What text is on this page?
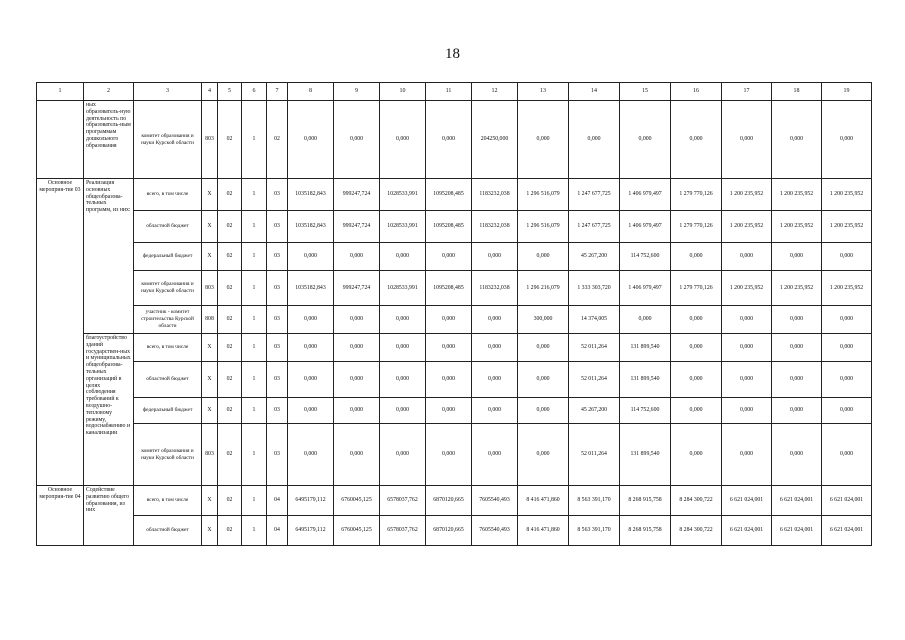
18
1	2	3	4	5	6	7	8	9	10	11	12	13	14	15	16	17	18	19
	ных образователь-ную деятельность по образователь-ным программам дошкольного образования	комитет образования и науки Курской области	803	02	1	02	0,000	0,000	0,000	0,000	204250,000	0,000	0,000	0,000	0,000	0,000	0,000	0,000
Основное мероприя-тие 03	Реализация основных общеобразова-тельных программ, из них:	всего, в том числе	X	02	1	03	1035182,843	999247,724	1028533,991	1095208,485	1183232,038	1 296 516,079	1 247 677,725	1 406 979,497	1 279 770,126	1 200 235,952	1 200 235,952	1 200 235,952
		областной бюджет	X	02	1	03	1035182,843	999247,724	1028533,991	1095208,485	1183232,038	1 296 516,079	1 247 677,725	1 406 979,497	1 279 770,126	1 200 235,952	1 200 235,952	1 200 235,952
		федеральный бюджет	X	02	1	03	0,000	0,000	0,000	0,000	0,000	0,000	45 267,200	114 752,600	0,000	0,000	0,000	0,000
		комитет образования и науки Курской области	803	02	1	03	1035182,843	999247,724	1028533,991	1095208,485	1183232,038	1 296 216,079	1 333 303,720	1 406 979,497	1 279 770,126	1 200 235,952	1 200 235,952	1 200 235,952
		участник - комитет строительства Курской области	808	02	1	03	0,000	0,000	0,000	0,000	0,000	300,000	14 374,005	0,000	0,000	0,000	0,000	0,000
	благоустройство зданий государствен-ных и муниципальных общеобразова-тельных организаций в целях соблюдения требований к воздушно-тепловому режиму, водоснабжению и канализации	всего, в том числе	X	02	1	03	0,000	0,000	0,000	0,000	0,000	0,000	52 011,264	131 899,540	0,000	0,000	0,000	0,000
		областной бюджет	X	02	1	03	0,000	0,000	0,000	0,000	0,000	0,000	52 011,264	131 899,540	0,000	0,000	0,000	0,000
		федеральный бюджет	X	02	1	03	0,000	0,000	0,000	0,000	0,000	0,000	45 267,200	114 752,600	0,000	0,000	0,000	0,000
		комитет образования и науки Курской области	803	02	1	03	0,000	0,000	0,000	0,000	0,000	0,000	52 011,264	131 899,540	0,000	0,000	0,000	0,000
Основное мероприя-тие 04	Содействие развитию общего образования, из них	всего, в том числе	X	02	1	04	6495179,112	6760045,125	6578037,762	6870120,665	7605540,493	8 416 471,860	8 563 391,170	8 268 915,758	8 284 300,722	6 621 024,001	6 621 024,001	6 621 024,001
		областной бюджет	X	02	1	04	6495179,112	6760045,125	6578037,762	6870120,665	7605540,493	8 416 471,860	8 563 391,170	8 268 915,758	8 284 300,722	6 621 024,001	6 621 024,001	6 621 024,001
